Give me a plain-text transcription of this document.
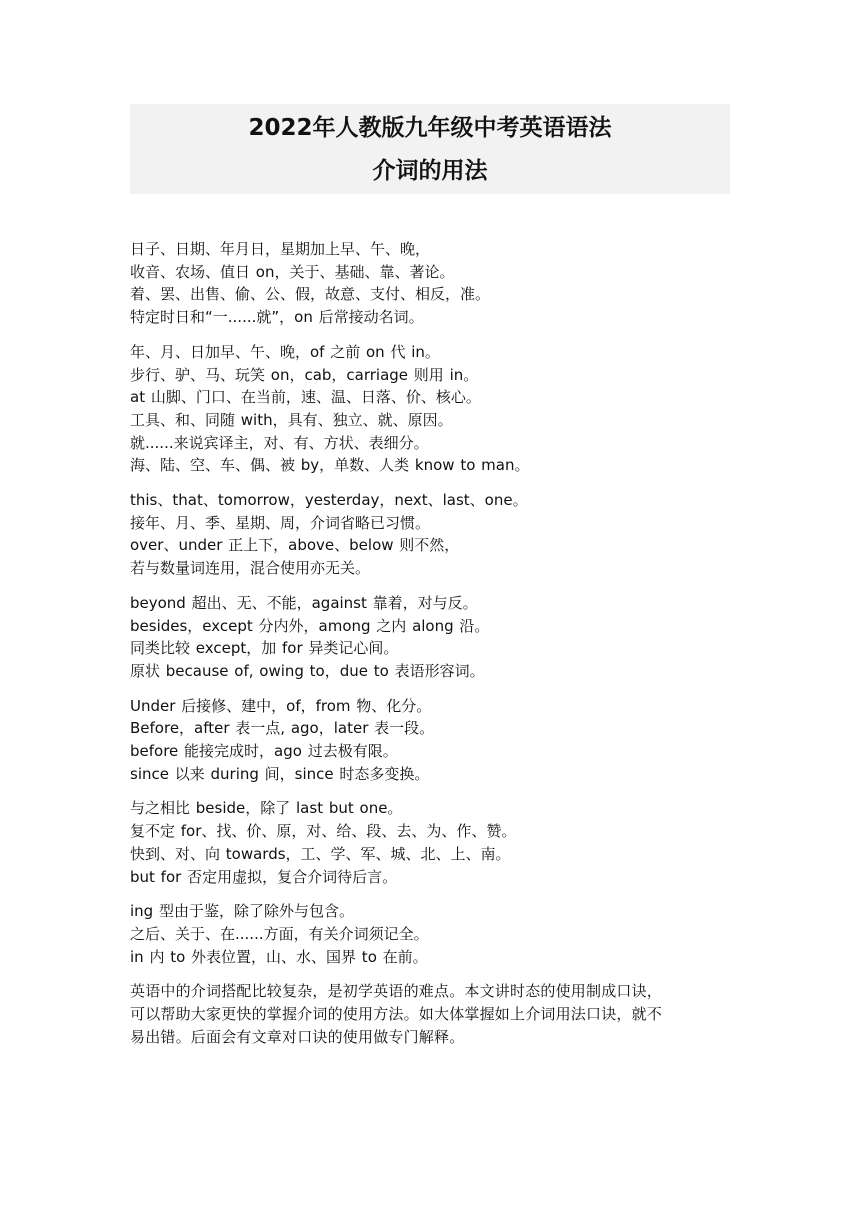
2022年人教版九年级中考英语语法
介词的用法
日子、日期、年月日，星期加上早、午、晚，
收音、农场、值日 on，关于、基础、靠、著论。
着、罢、出售、偷、公、假，故意、支付、相反，准。
特定时日和“一......就”，on 后常接动名词。
年、月、日加早、午、晚，of 之前 on 代 in。
步行、驴、马、玩笑 on，cab，carriage 则用 in。
at 山脚、门口、在当前，速、温、日落、价、核心。
工具、和、同随 with，具有、独立、就、原因。
就......来说宾译主，对、有、方状、表细分。
海、陆、空、车、偶、被 by，单数、人类 know to man。
this、that、tomorrow，yesterday，next、last、one。
接年、月、季、星期、周，介词省略已习惯。
over、under 正上下，above、below 则不然，
若与数量词连用，混合使用亦无关。
beyond 超出、无、不能，against 靠着，对与反。
besides，except 分内外，among 之内 along 沿。
同类比较 except，加 for 异类记心间。
原状 because of, owing to，due to 表语形容词。
Under 后接修、建中，of，from 物、化分。
Before，after 表一点, ago，later 表一段。
before 能接完成时，ago 过去极有限。
since 以来 during 间，since 时态多变换。
与之相比 beside，除了 last but one。
复不定 for、找、价、原，对、给、段、去、为、作、赞。
快到、对、向 towards，工、学、军、城、北、上、南。
but for 否定用虚拟，复合介词待后言。
ing 型由于鉴，除了除外与包含。
之后、关于、在......方面，有关介词须记全。
in 内 to 外表位置，山、水、国界 to 在前。
英语中的介词搭配比较复杂，是初学英语的难点。本文讲时态的使用制成口诀，
可以帮助大家更快的掌握介词的使用方法。如大体掌握如上介词用法口诀，就不
易出错。后面会有文章对口诀的使用做专门解释。
